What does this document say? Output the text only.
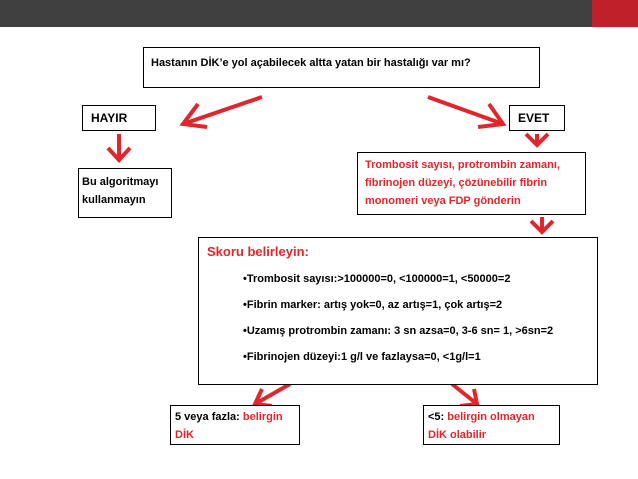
Hastanın DİK’e yol açabilecek altta yatan bir hastalığı var mı?
HAYIR	EVET
Bu algoritmayı
kullanmayın
Trombosit sayısı, protrombin zamanı,
fibrinojen düzeyi, çözünebilir fibrin
monomeri veya FDP gönderin
Skoru belirleyin:
•Trombosit sayısı:>100000=0, <100000=1, <50000=2
•Fibrin marker: artış yok=0, az artış=1, çok artış=2
•Uzamış protrombin zamanı: 3 sn azsa=0, 3-6 sn= 1, >6sn=2
•Fibrinojen düzeyi:1 g/l ve fazlaysa=0, <1g/l=1
5 veya fazla: belirgin
DİK
<5: belirgin olmayan
DİK olabilir
